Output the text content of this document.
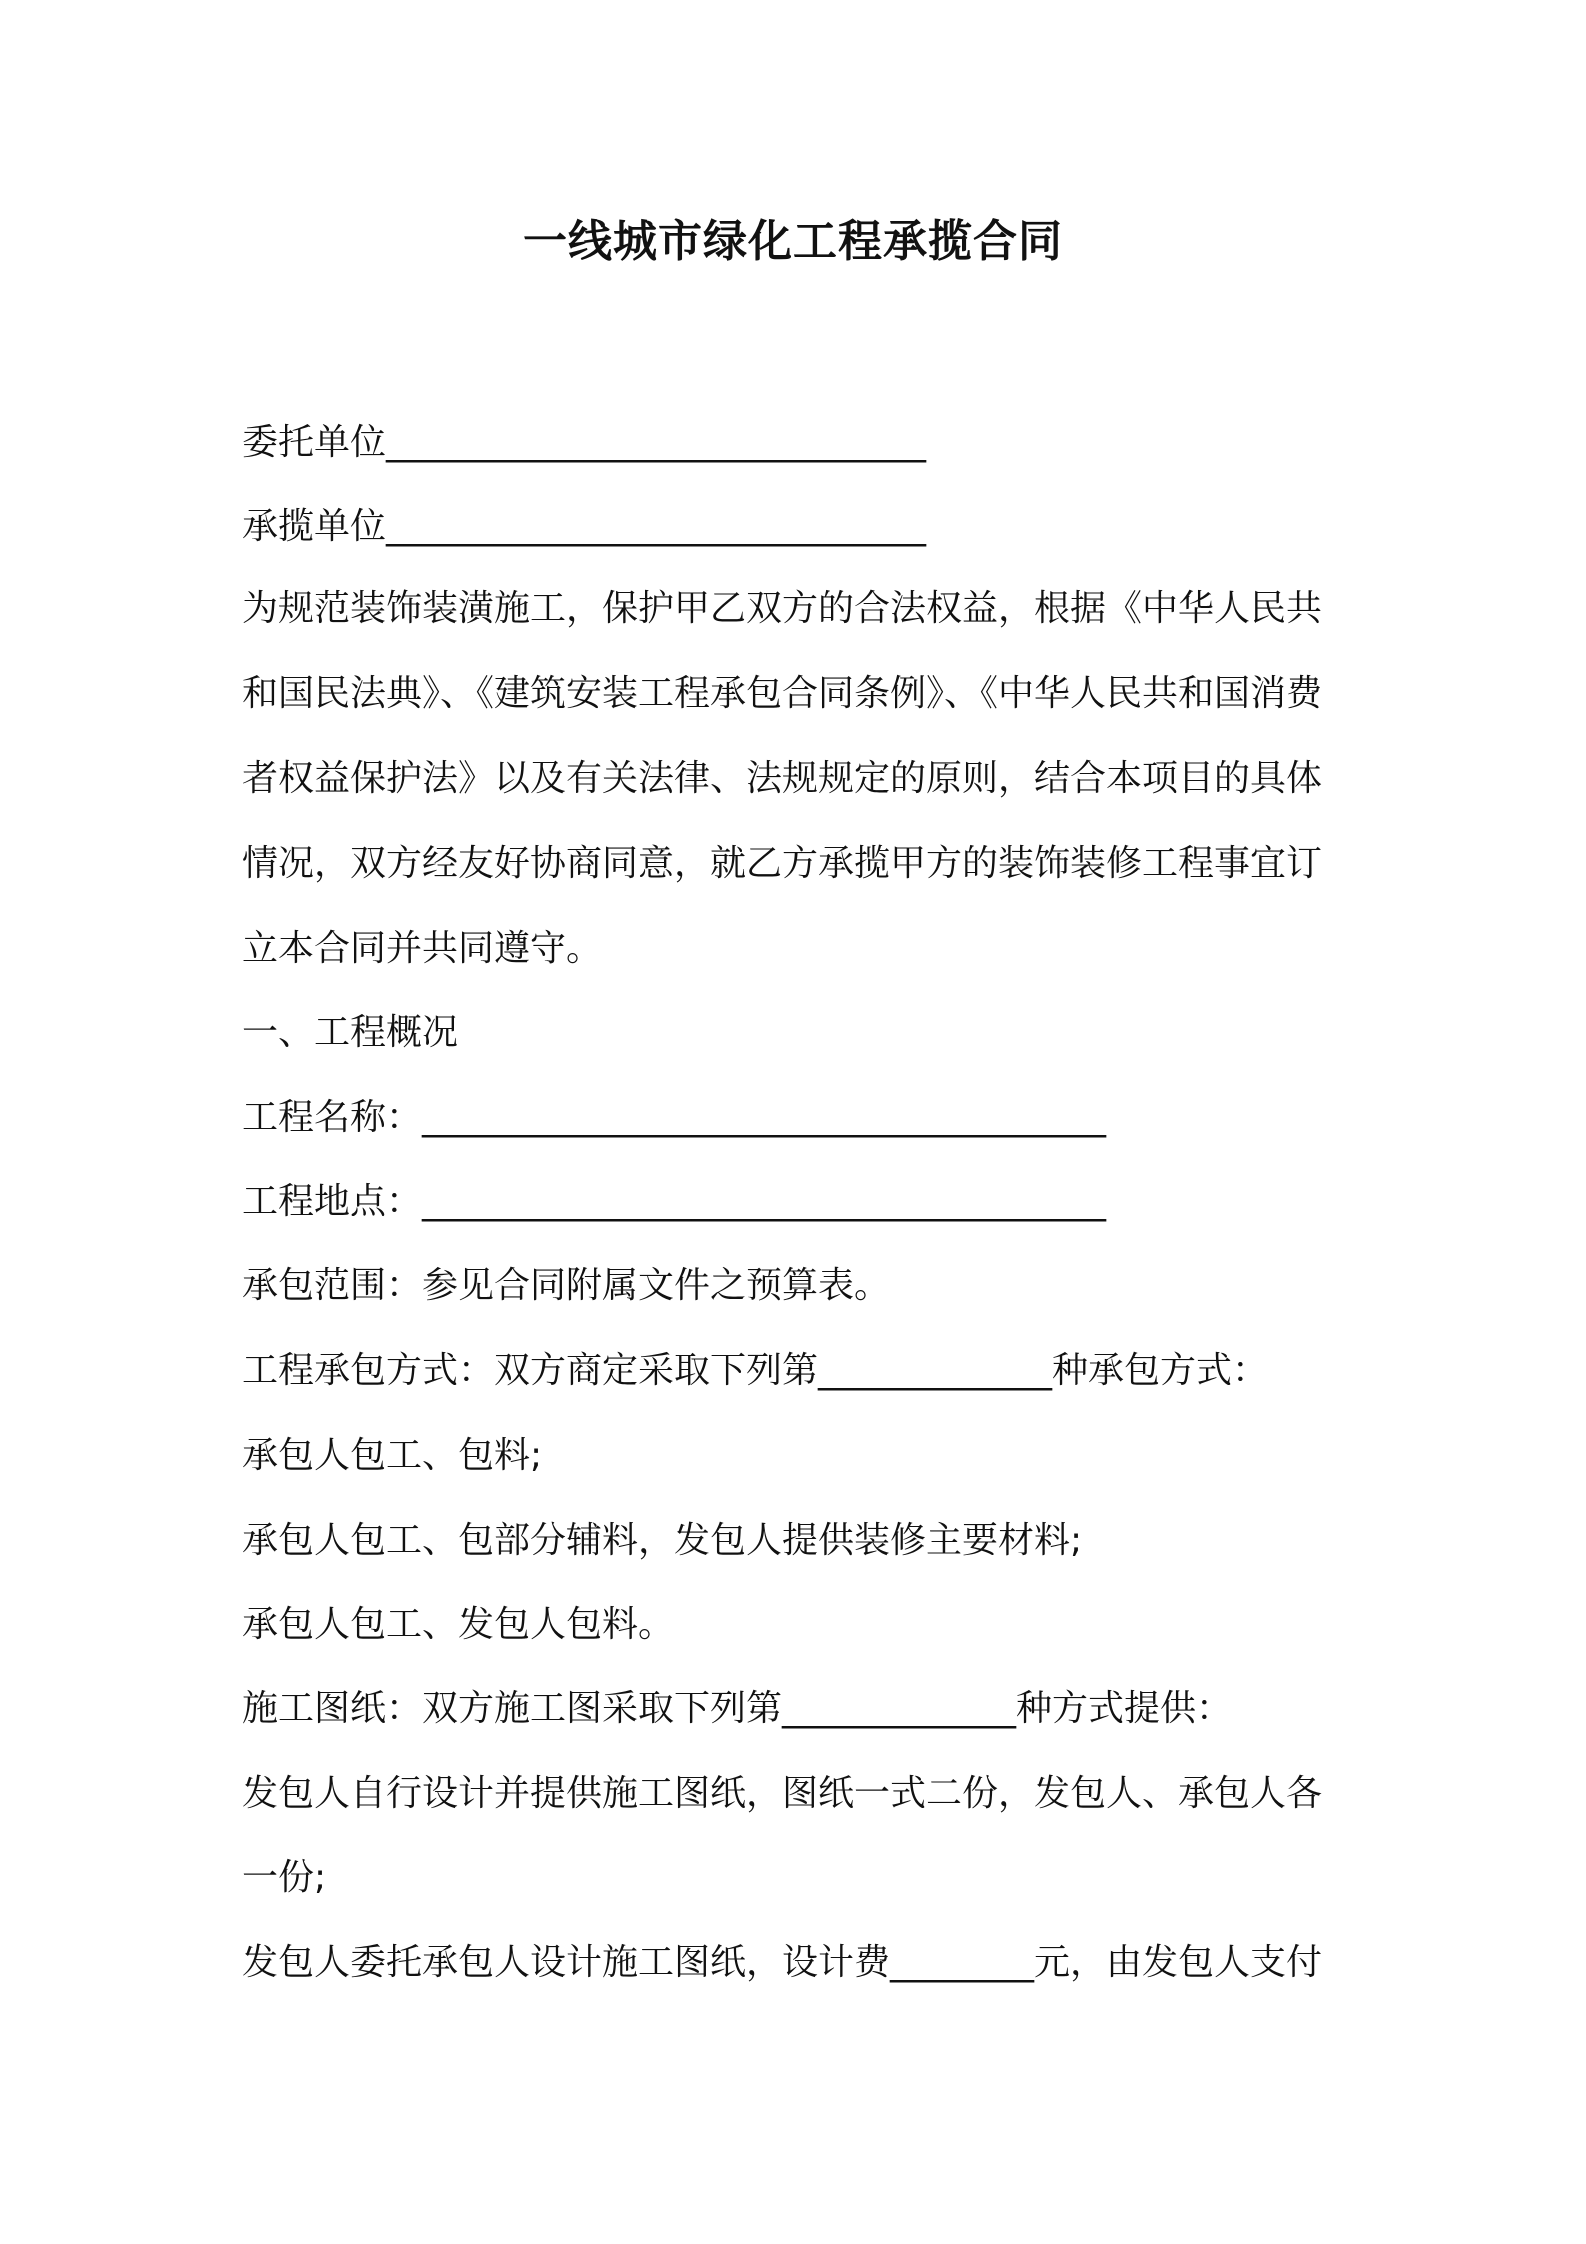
一线城市绿化工程承揽合同

委托单位______________________________

承揽单位______________________________

为规范装饰装潢施工，保护甲乙双方的合法权益，根据《中华人民共

和国民法典》、《建筑安装工程承包合同条例》、《中华人民共和国消费

者权益保护法》以及有关法律、法规规定的原则，结合本项目的具体

情况，双方经友好协商同意，就乙方承揽甲方的装饰装修工程事宜订

立本合同并共同遵守。

一、工程概况

工程名称：______________________________________

工程地点：______________________________________

承包范围：参见合同附属文件之预算表。

工程承包方式：双方商定采取下列第_____________种承包方式：

承包人包工、包料;

承包人包工、包部分辅料，发包人提供装修主要材料;

承包人包工、发包人包料。

施工图纸：双方施工图采取下列第_____________种方式提供：

发包人自行设计并提供施工图纸，图纸一式二份，发包人、承包人各

一份;

发包人委托承包人设计施工图纸，设计费________元，由发包人支付
